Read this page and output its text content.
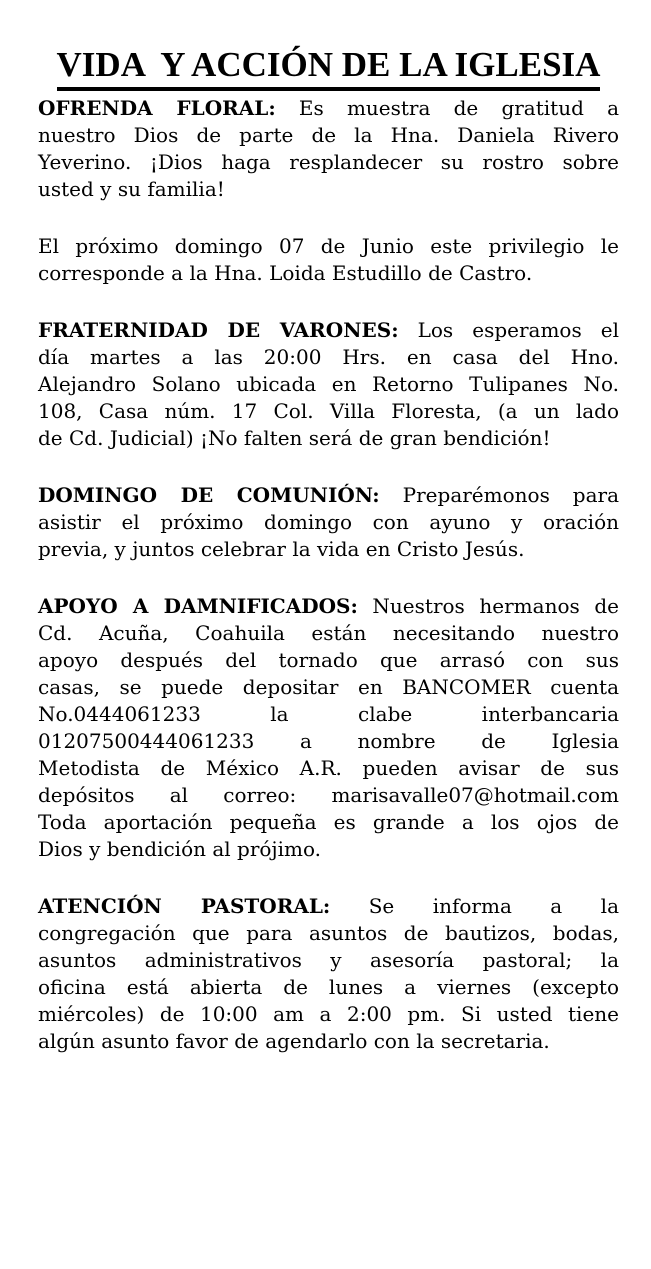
VIDA  Y ACCIÓN DE LA IGLESIA
OFRENDA FLORAL: Es muestra de gratitud a
nuestro Dios de parte de la Hna. Daniela Rivero
Yeverino. ¡Dios haga resplandecer su rostro sobre
usted y su familia!
El próximo domingo 07 de Junio este privilegio le
corresponde a la Hna. Loida Estudillo de Castro.
FRATERNIDAD DE VARONES: Los esperamos el
día martes a las 20:00 Hrs. en casa del Hno.
Alejandro Solano ubicada en Retorno Tulipanes No.
108, Casa núm. 17 Col. Villa Floresta, (a un lado
de Cd. Judicial) ¡No falten será de gran bendición!
DOMINGO DE COMUNIÓN: Preparémonos para
asistir el próximo domingo con ayuno y oración
previa, y juntos celebrar la vida en Cristo Jesús.
APOYO A DAMNIFICADOS: Nuestros hermanos de
Cd. Acuña, Coahuila están necesitando nuestro
apoyo después del tornado que arrasó con sus
casas, se puede depositar en BANCOMER cuenta
No.0444061233 la clabe interbancaria
01207500444061233 a nombre de Iglesia
Metodista de México A.R. pueden avisar de sus
depósitos al correo: marisavalle07@hotmail.com
Toda aportación pequeña es grande a los ojos de
Dios y bendición al prójimo.
ATENCIÓN PASTORAL: Se informa a la
congregación que para asuntos de bautizos, bodas,
asuntos administrativos y asesoría pastoral; la
oficina está abierta de lunes a viernes (excepto
miércoles) de 10:00 am a 2:00 pm. Si usted tiene
algún asunto favor de agendarlo con la secretaria.
